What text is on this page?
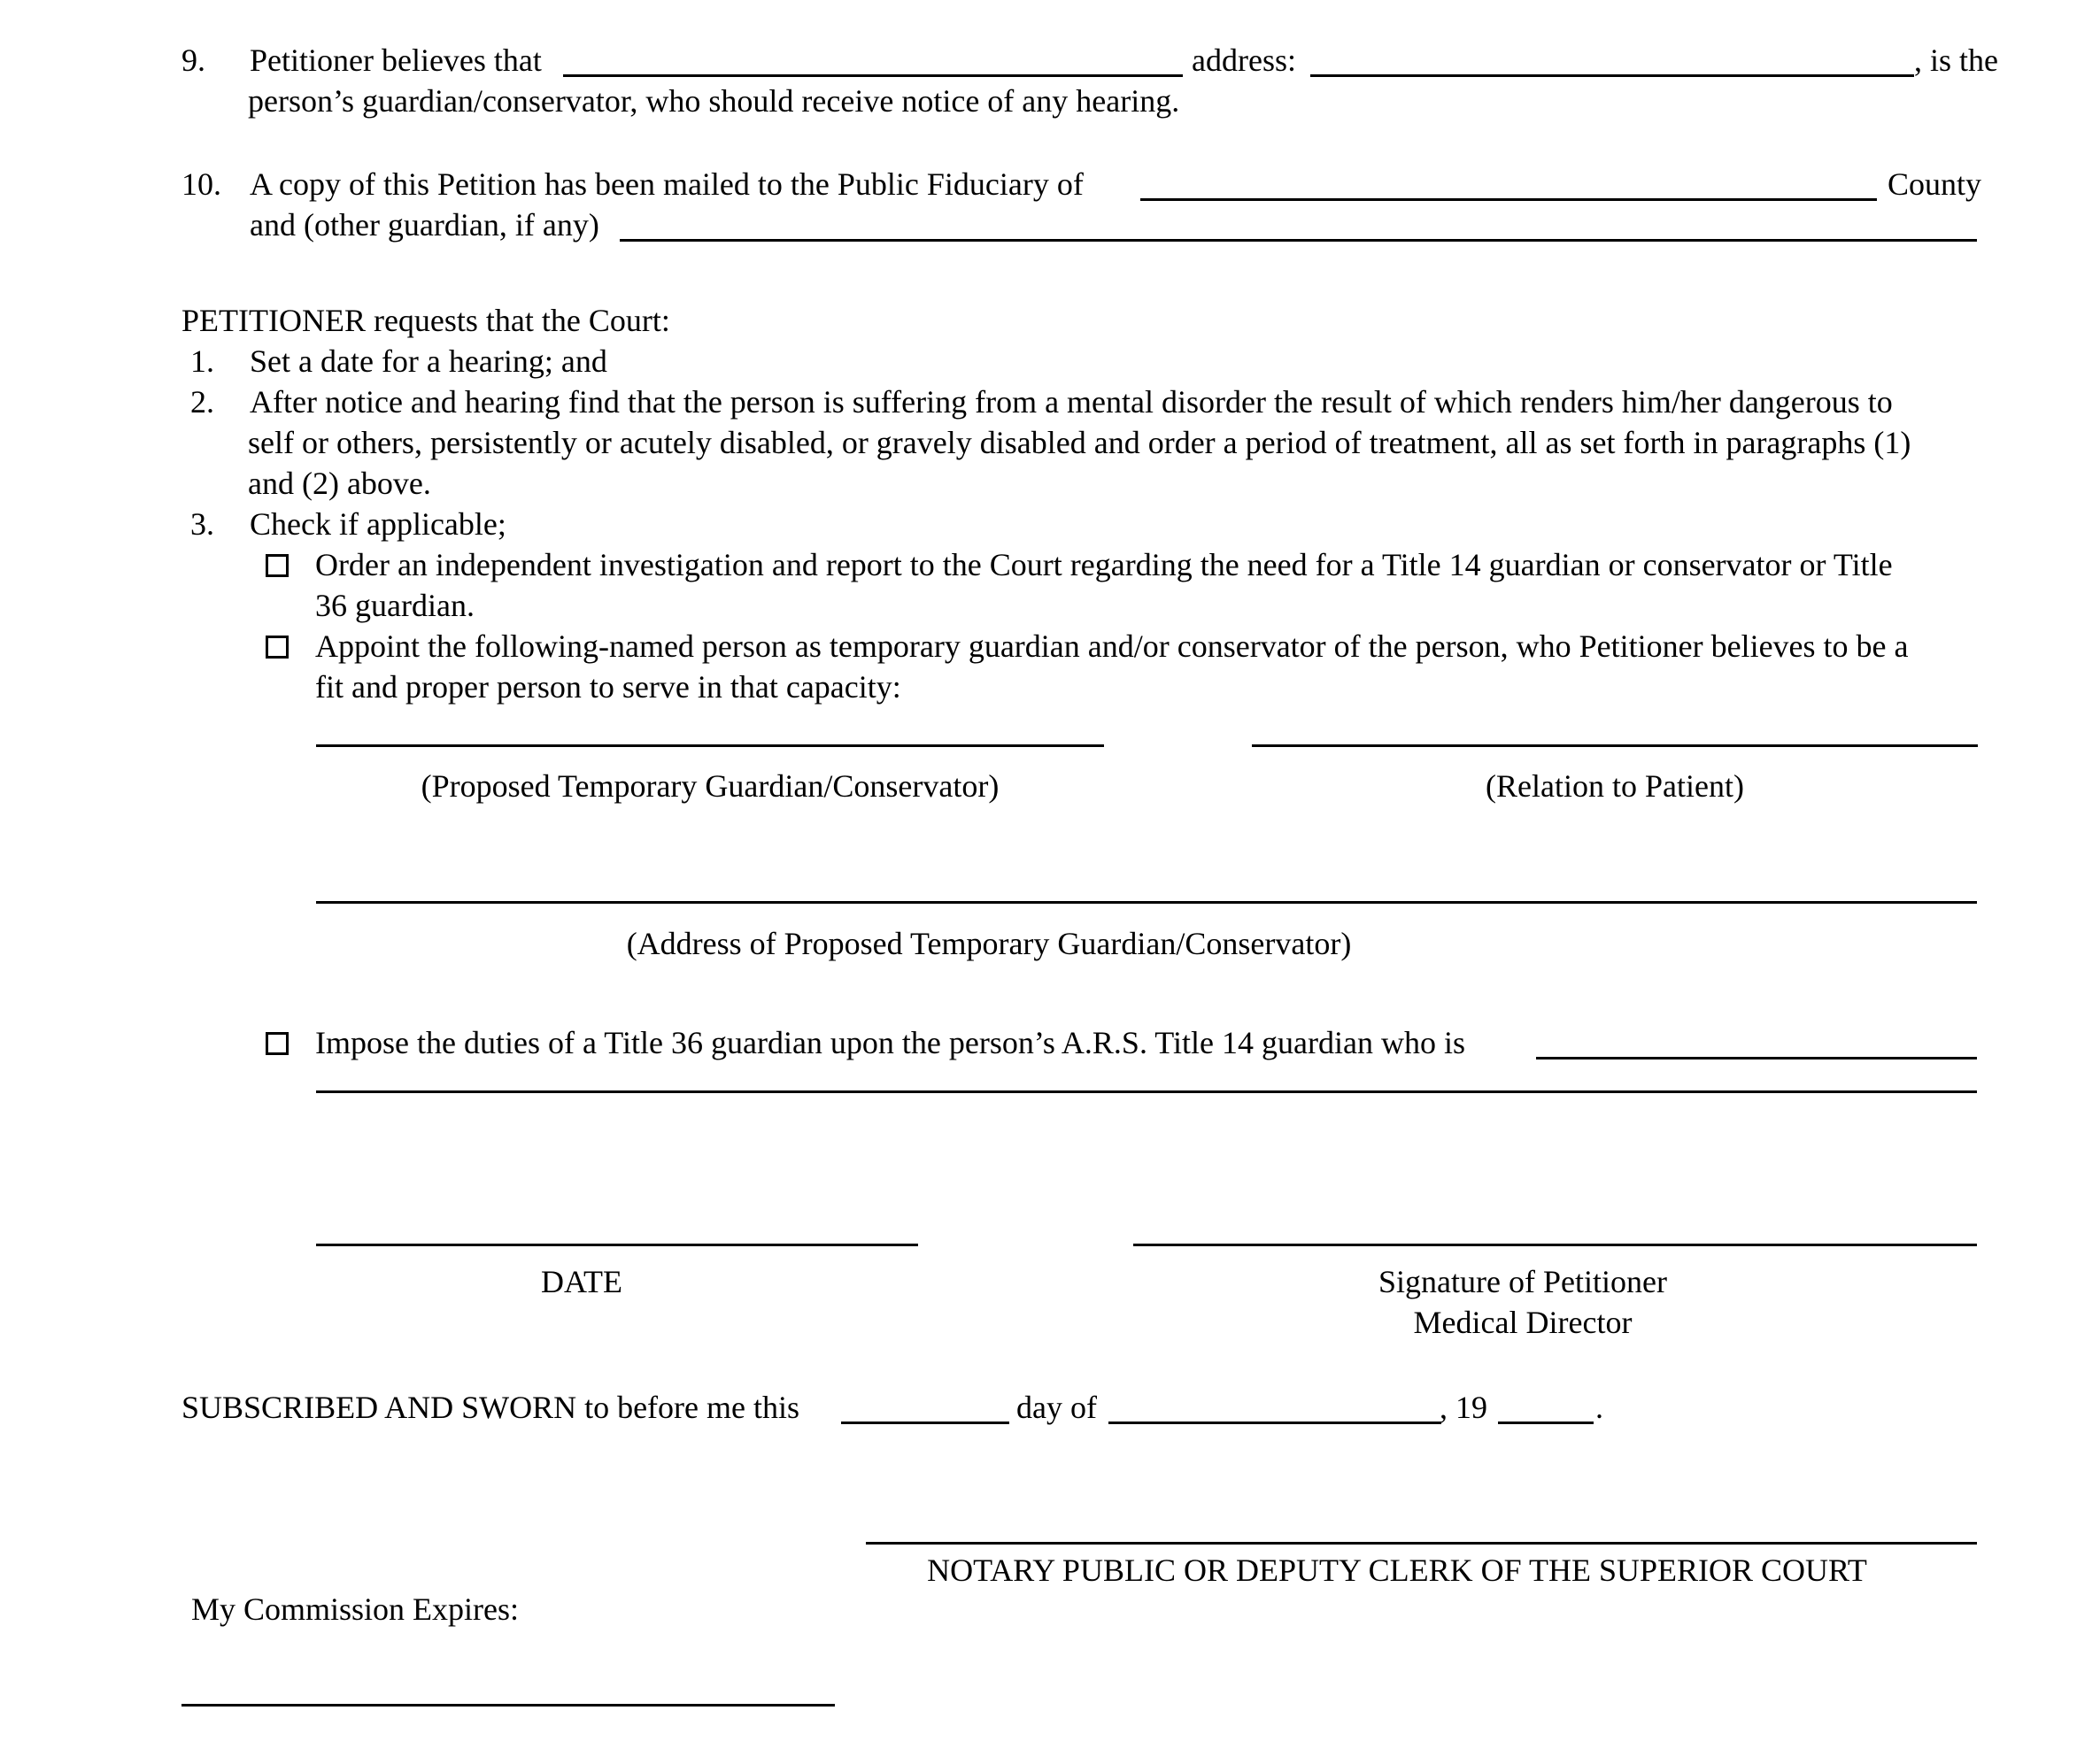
9. Petitioner believes that	address:	, is the
person’s guardian/conservator, who should receive notice of any hearing.
10. A copy of this Petition has been mailed to the Public Fiduciary of	County
and (other guardian, if any)
PETITIONER requests that the Court:
1. Set a date for a hearing; and
2. After notice and hearing find that the person is suffering from a mental disorder the result of which renders him/her dangerous to
self or others, persistently or acutely disabled, or gravely disabled and order a period of treatment, all as set forth in paragraphs (1)
and (2) above.
3. Check if applicable;
Order an independent investigation and report to the Court regarding the need for a Title 14 guardian or conservator or Title
36 guardian.
Appoint the following-named person as temporary guardian and/or conservator of the person, who Petitioner believes to be a
fit and proper person to serve in that capacity:
(Proposed Temporary Guardian/Conservator)	(Relation to Patient)
(Address of Proposed Temporary Guardian/Conservator)
Impose the duties of a Title 36 guardian upon the person’s A.R.S. Title 14 guardian who is
DATE	Signature of Petitioner
Medical Director
SUBSCRIBED AND SWORN to before me this	day of	, 19	.
NOTARY PUBLIC OR DEPUTY CLERK OF THE SUPERIOR COURT
My Commission Expires:
